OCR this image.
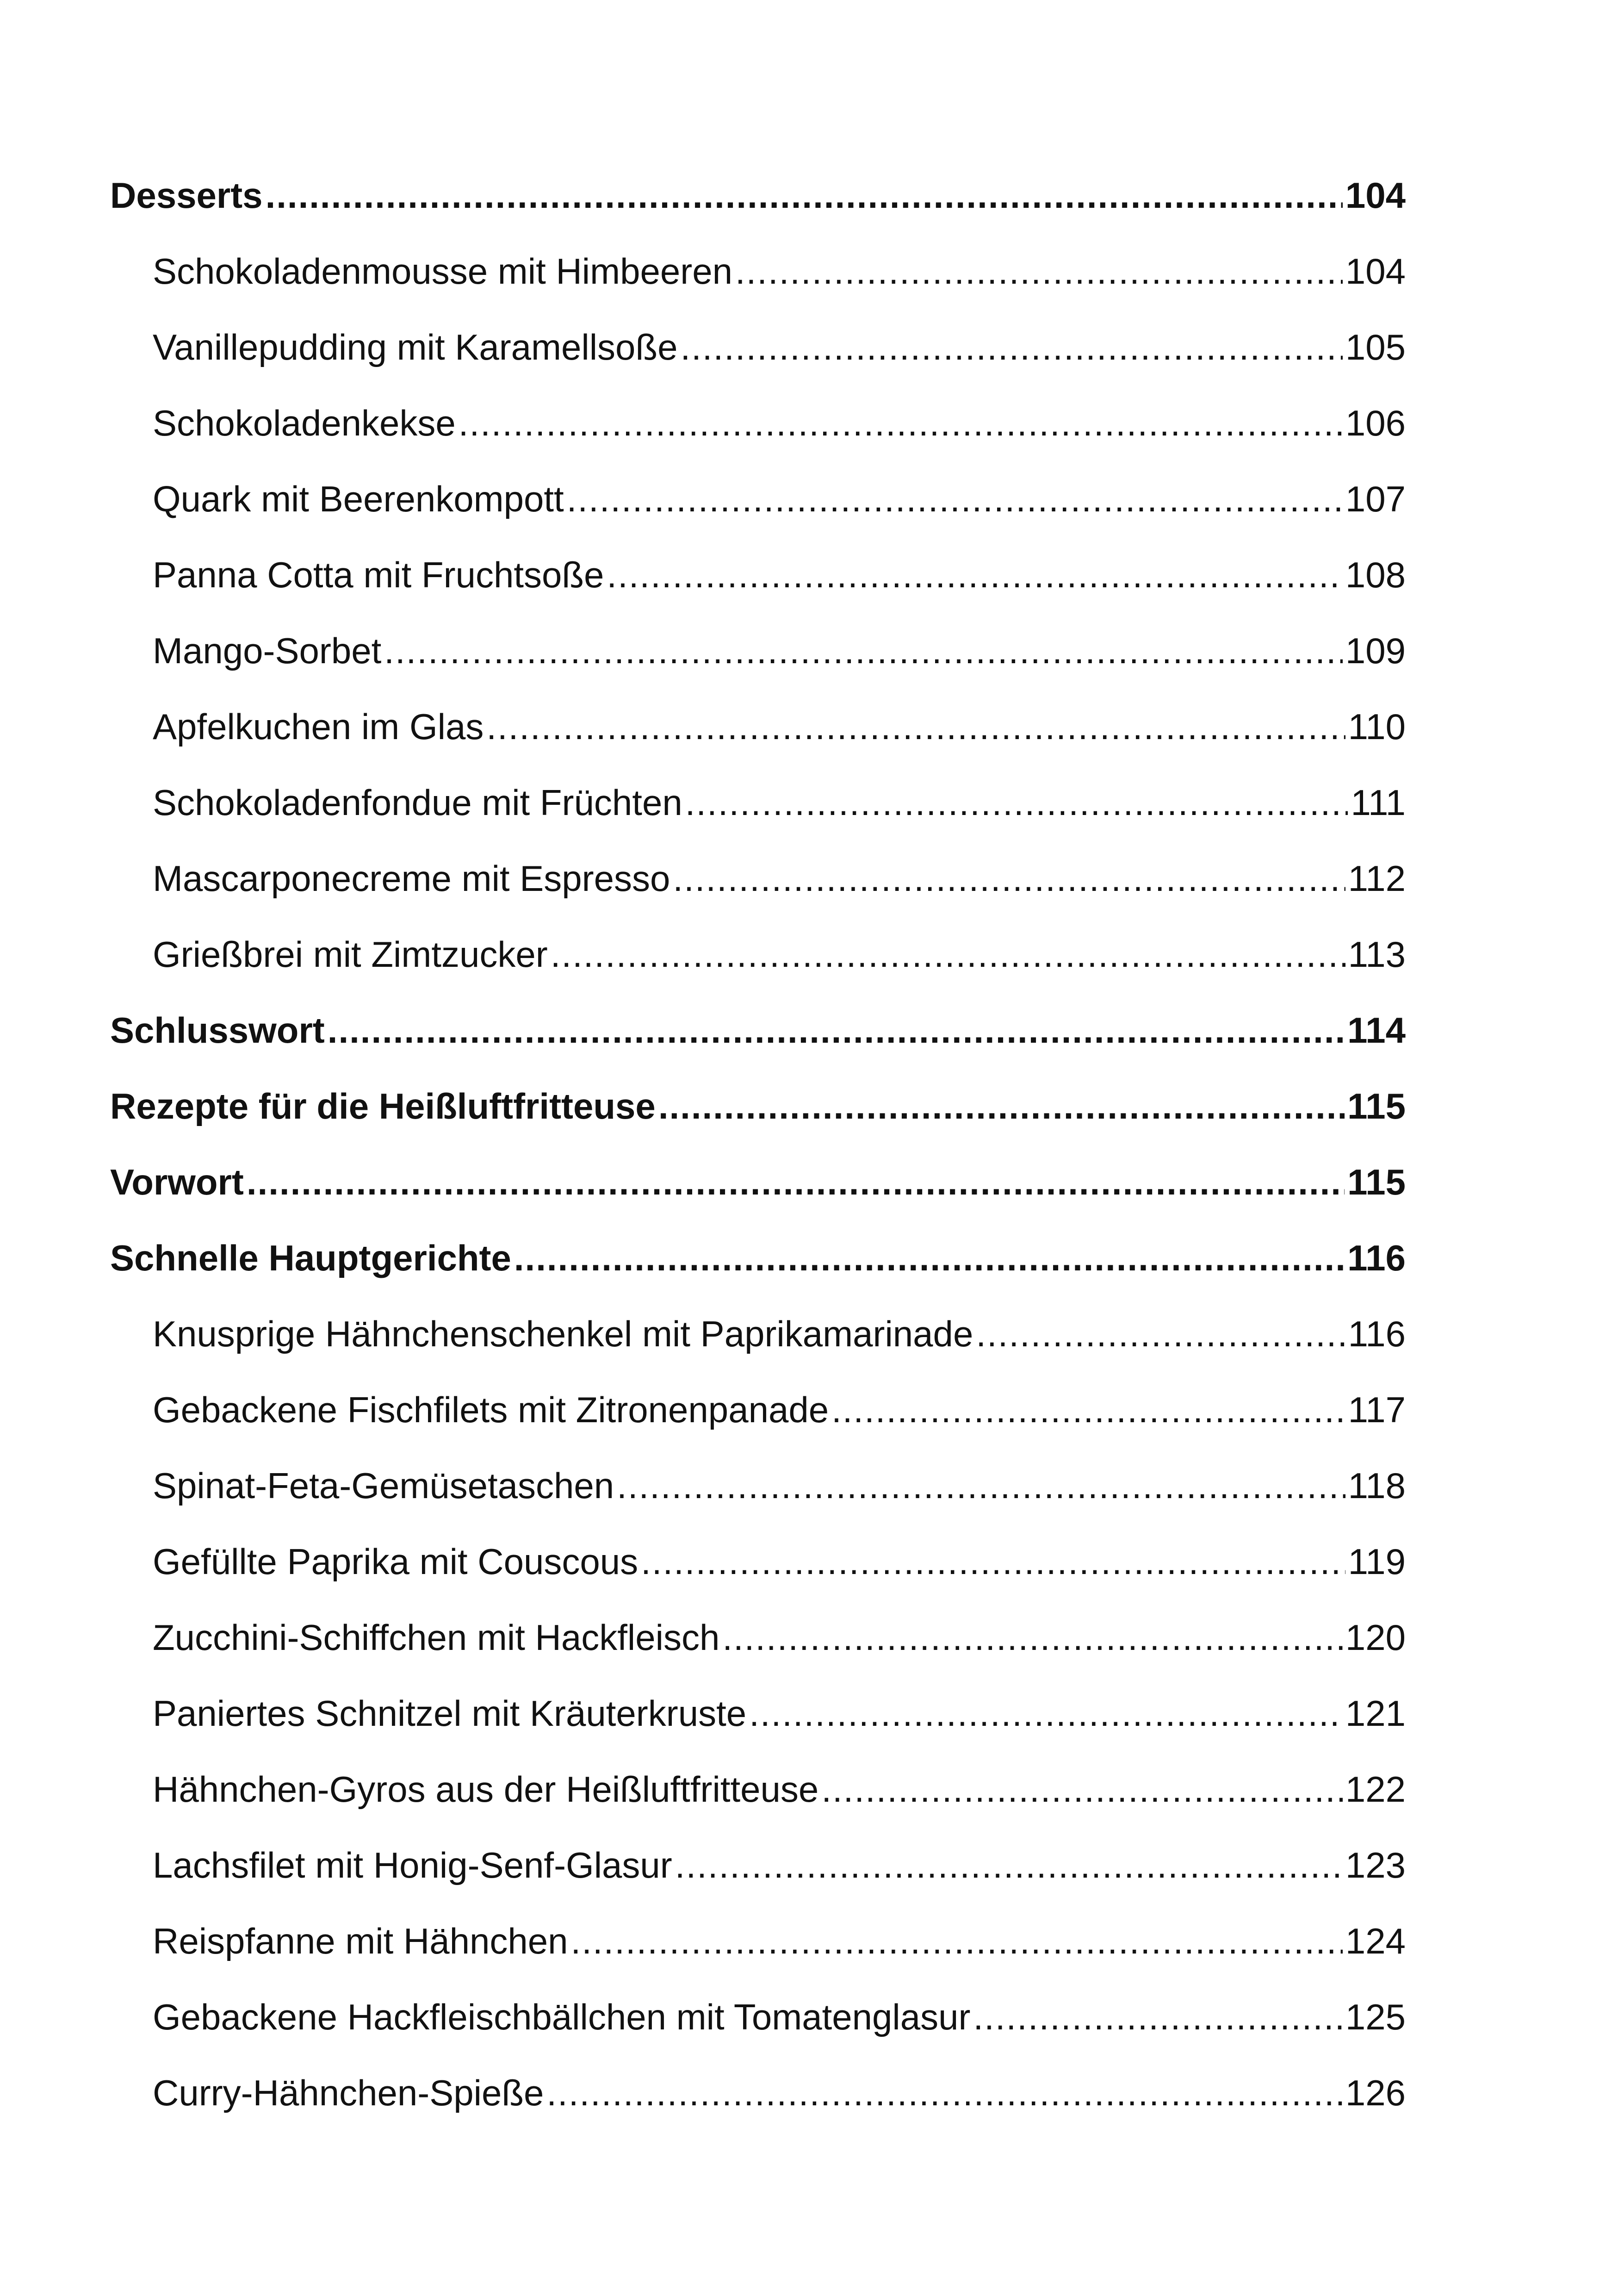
Desserts .....	104
Schokoladenmousse mit Himbeeren .....	104
Vanillepudding mit Karamellsoße .....	105
Schokoladenkekse .....	106
Quark mit Beerenkompott .....	107
Panna Cotta mit Fruchtsoße .....	108
Mango-Sorbet .....	109
Apfelkuchen im Glas .....	110
Schokoladenfondue mit Früchten .....	111
Mascarponecreme mit Espresso .....	112
Grießbrei mit Zimtzucker .....	113
Schlusswort .....	114
Rezepte für die Heißluftfritteuse .....	115
Vorwort .....	115
Schnelle Hauptgerichte .....	116
Knusprige Hähnchenschenkel mit Paprikamarinade .....	116
Gebackene Fischfilets mit Zitronenpanade .....	117
Spinat-Feta-Gemüsetaschen .....	118
Gefüllte Paprika mit Couscous .....	119
Zucchini-Schiffchen mit Hackfleisch .....	120
Paniertes Schnitzel mit Kräuterkruste .....	121
Hähnchen-Gyros aus der Heißluftfritteuse .....	122
Lachsfilet mit Honig-Senf-Glasur .....	123
Reispfanne mit Hähnchen .....	124
Gebackene Hackfleischbällchen mit Tomatenglasur .....	125
Curry-Hähnchen-Spieße .....	126
